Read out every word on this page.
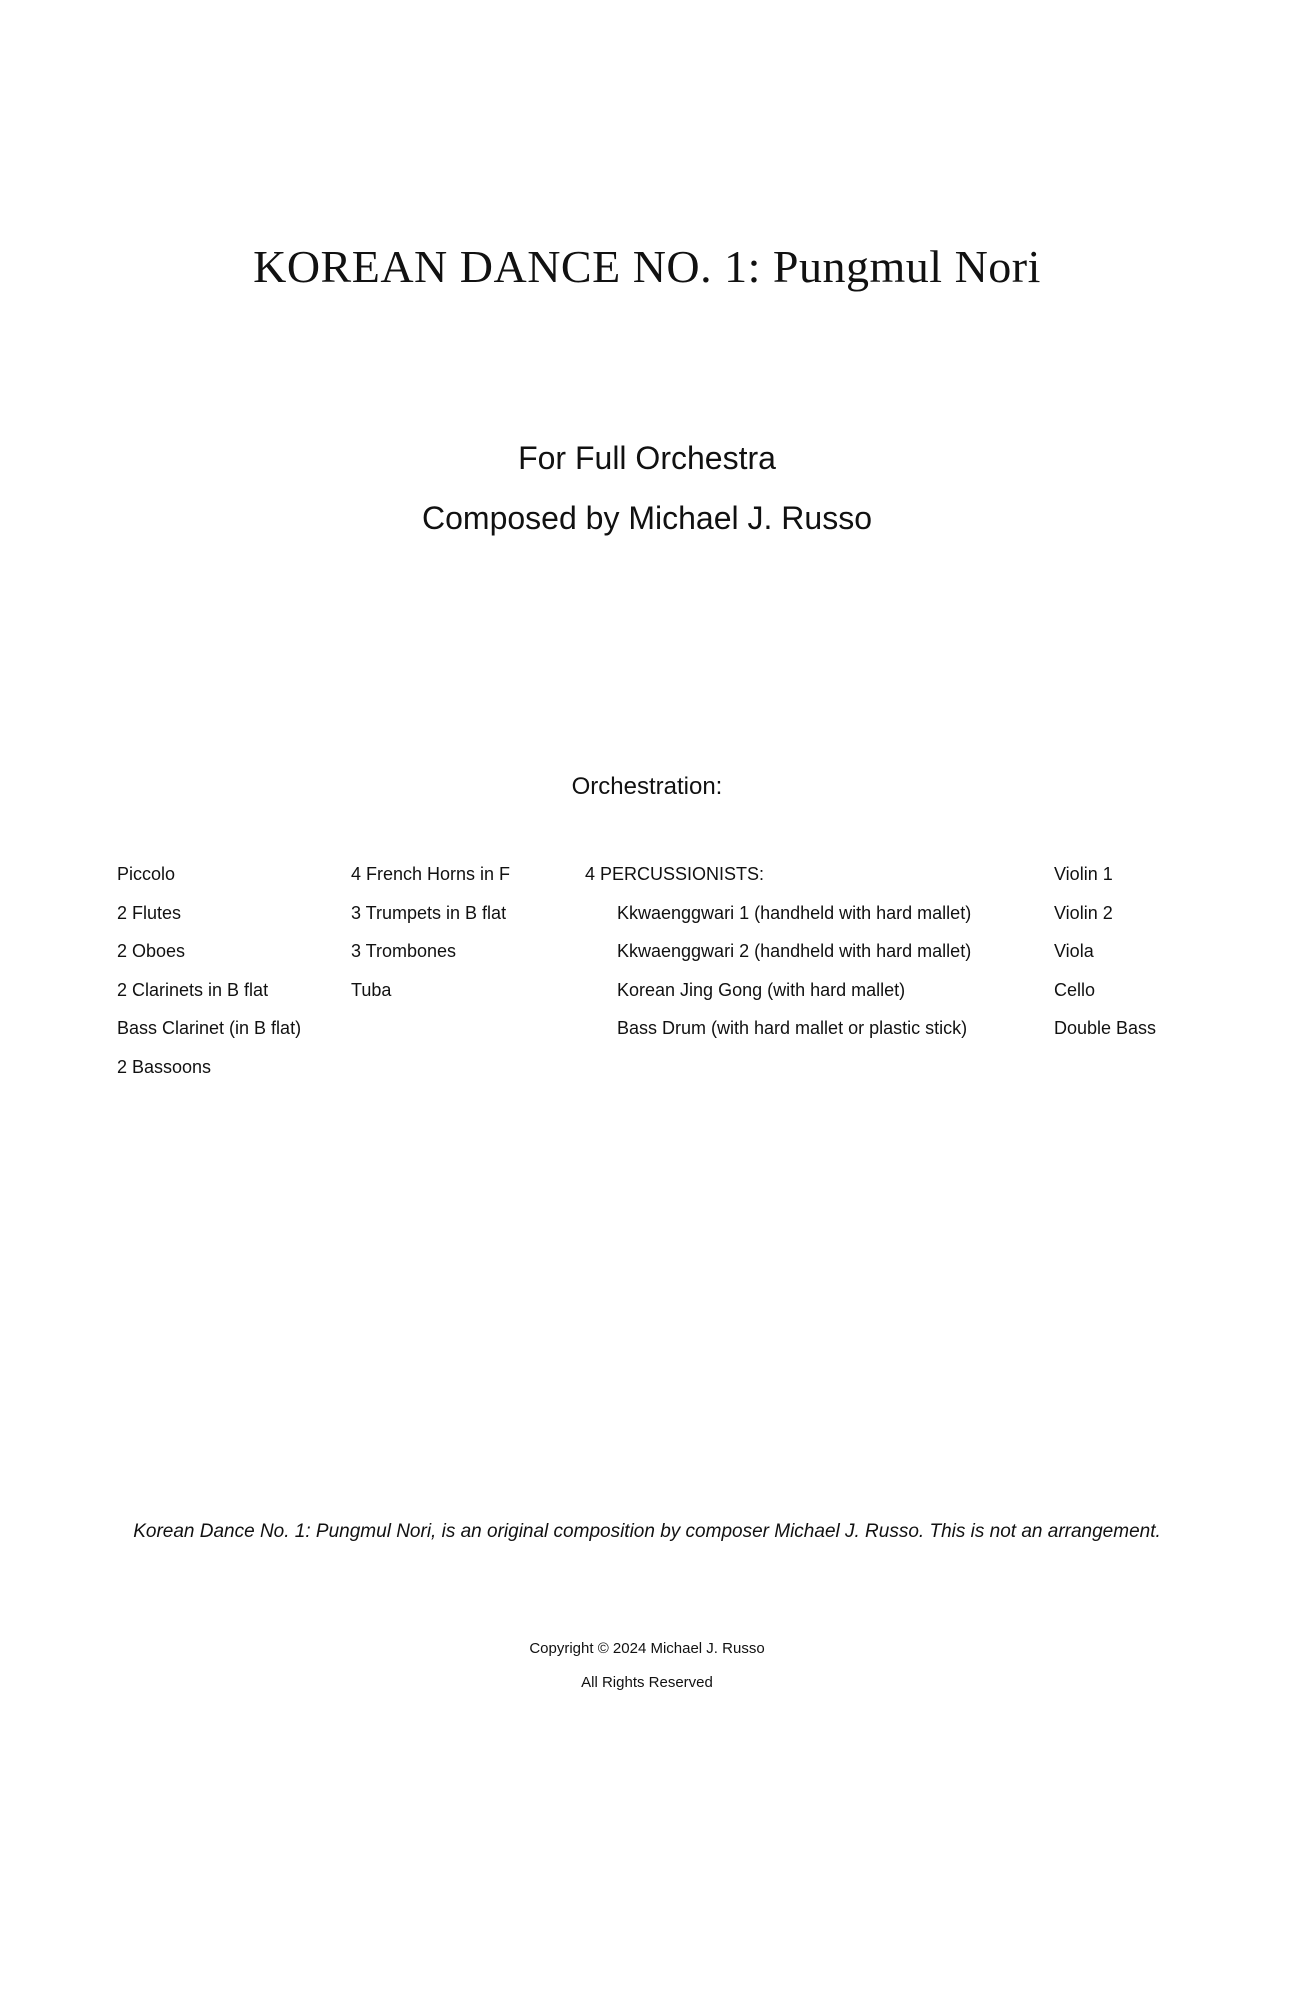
KOREAN DANCE NO. 1: Pungmul Nori
For Full Orchestra
Composed by Michael J. Russo
Orchestration:
Piccolo
2 Flutes
2 Oboes
2 Clarinets in B flat
Bass Clarinet (in B flat)
2 Bassoons
4 French Horns in F
3 Trumpets in B flat
3 Trombones
Tuba
4 PERCUSSIONISTS:
Kkwaenggwari 1 (handheld with hard mallet)
Kkwaenggwari 2 (handheld with hard mallet)
Korean Jing Gong (with hard mallet)
Bass Drum (with hard mallet or plastic stick)
Violin 1
Violin 2
Viola
Cello
Double Bass
Korean Dance No. 1: Pungmul Nori, is an original composition by composer Michael J. Russo. This is not an arrangement.
Copyright © 2024 Michael J. Russo
All Rights Reserved
